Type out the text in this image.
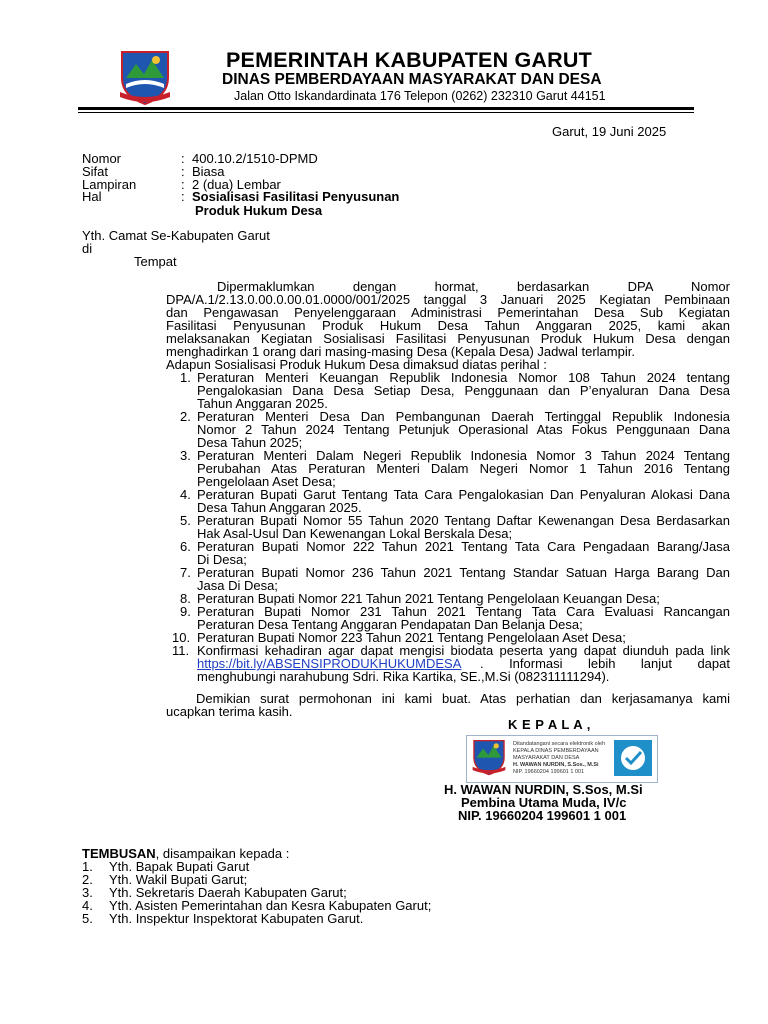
PEMERINTAH KABUPATEN GARUT
DINAS PEMBERDAYAAN MASYARAKAT DAN DESA
Jalan Otto Iskandardinata 176 Telepon (0262) 232310 Garut 44151
Garut, 19 Juni 2025
Nomor	: 400.10.2/1510-DPMD
Sifat	: Biasa
Lampiran	: 2 (dua) Lembar
Hal	: Sosialisasi Fasilitasi Penyusunan
Produk Hukum Desa
Yth. Camat Se-Kabupaten Garut
di
Tempat
Dipermaklumkan dengan hormat, berdasarkan DPA Nomor
DPA/A.1/2.13.0.00.0.00.01.0000/001/2025 tanggal 3 Januari 2025 Kegiatan Pembinaan
dan Pengawasan Penyelenggaraan Administrasi Pemerintahan Desa Sub Kegiatan
Fasilitasi Penyusunan Produk Hukum Desa Tahun Anggaran 2025, kami akan
melaksanakan Kegiatan Sosialisasi Fasilitasi Penyusunan Produk Hukum Desa dengan
menghadirkan 1 orang dari masing-masing Desa (Kepala Desa) Jadwal terlampir.
Adapun Sosialisasi Produk Hukum Desa dimaksud diatas perihal :
1. Peraturan Menteri Keuangan Republik Indonesia Nomor 108 Tahun 2024 tentang
Pengalokasian Dana Desa Setiap Desa, Penggunaan dan P’enyaluran Dana Desa
Tahun Anggaran 2025.
2. Peraturan Menteri Desa Dan Pembangunan Daerah Tertinggal Republik Indonesia
Nomor 2 Tahun 2024 Tentang Petunjuk Operasional Atas Fokus Penggunaan Dana
Desa Tahun 2025;
3. Peraturan Menteri Dalam Negeri Republik Indonesia Nomor 3 Tahun 2024 Tentang
Perubahan Atas Peraturan Menteri Dalam Negeri Nomor 1 Tahun 2016 Tentang
Pengelolaan Aset Desa;
4. Peraturan Bupati Garut Tentang Tata Cara Pengalokasian Dan Penyaluran Alokasi Dana
Desa Tahun Anggaran 2025.
5. Peraturan Bupati Nomor 55 Tahun 2020 Tentang Daftar Kewenangan Desa Berdasarkan
Hak Asal-Usul Dan Kewenangan Lokal Berskala Desa;
6. Peraturan Bupati Nomor 222 Tahun 2021 Tentang Tata Cara Pengadaan Barang/Jasa
Di Desa;
7. Peraturan Bupati Nomor 236 Tahun 2021 Tentang Standar Satuan Harga Barang Dan
Jasa Di Desa;
8. Peraturan Bupati Nomor 221 Tahun 2021 Tentang Pengelolaan Keuangan Desa;
9. Peraturan Bupati Nomor 231 Tahun 2021 Tentang Tata Cara Evaluasi Rancangan
Peraturan Desa Tentang Anggaran Pendapatan Dan Belanja Desa;
10. Peraturan Bupati Nomor 223 Tahun 2021 Tentang Pengelolaan Aset Desa;
11. Konfirmasi kehadiran agar dapat mengisi biodata peserta yang dapat diunduh pada link
https://bit.ly/ABSENSIPRODUKHUKUMDESA . Informasi lebih lanjut dapat
menghubungi narahubung Sdri. Rika Kartika, SE.,M.Si (082311111294).
Demikian surat permohonan ini kami buat. Atas perhatian dan kerjasamanya kami
ucapkan terima kasih.
K E P A L A ,
Ditandatangani secara elektronik oleh
KEPALA DINAS PEMBERDAYAAN
MASYARAKAT DAN DESA
H. WAWAN NURDIN, S.Sos., M.Si
NIP. 19660204 199601 1 001
H. WAWAN NURDIN, S.Sos, M.Si
Pembina Utama Muda, IV/c
NIP. 19660204 199601 1 001
TEMBUSAN, disampaikan kepada :
1. Yth. Bapak Bupati Garut
2. Yth. Wakil Bupati Garut;
3. Yth. Sekretaris Daerah Kabupaten Garut;
4. Yth. Asisten Pemerintahan dan Kesra Kabupaten Garut;
5. Yth. Inspektur Inspektorat Kabupaten Garut.
